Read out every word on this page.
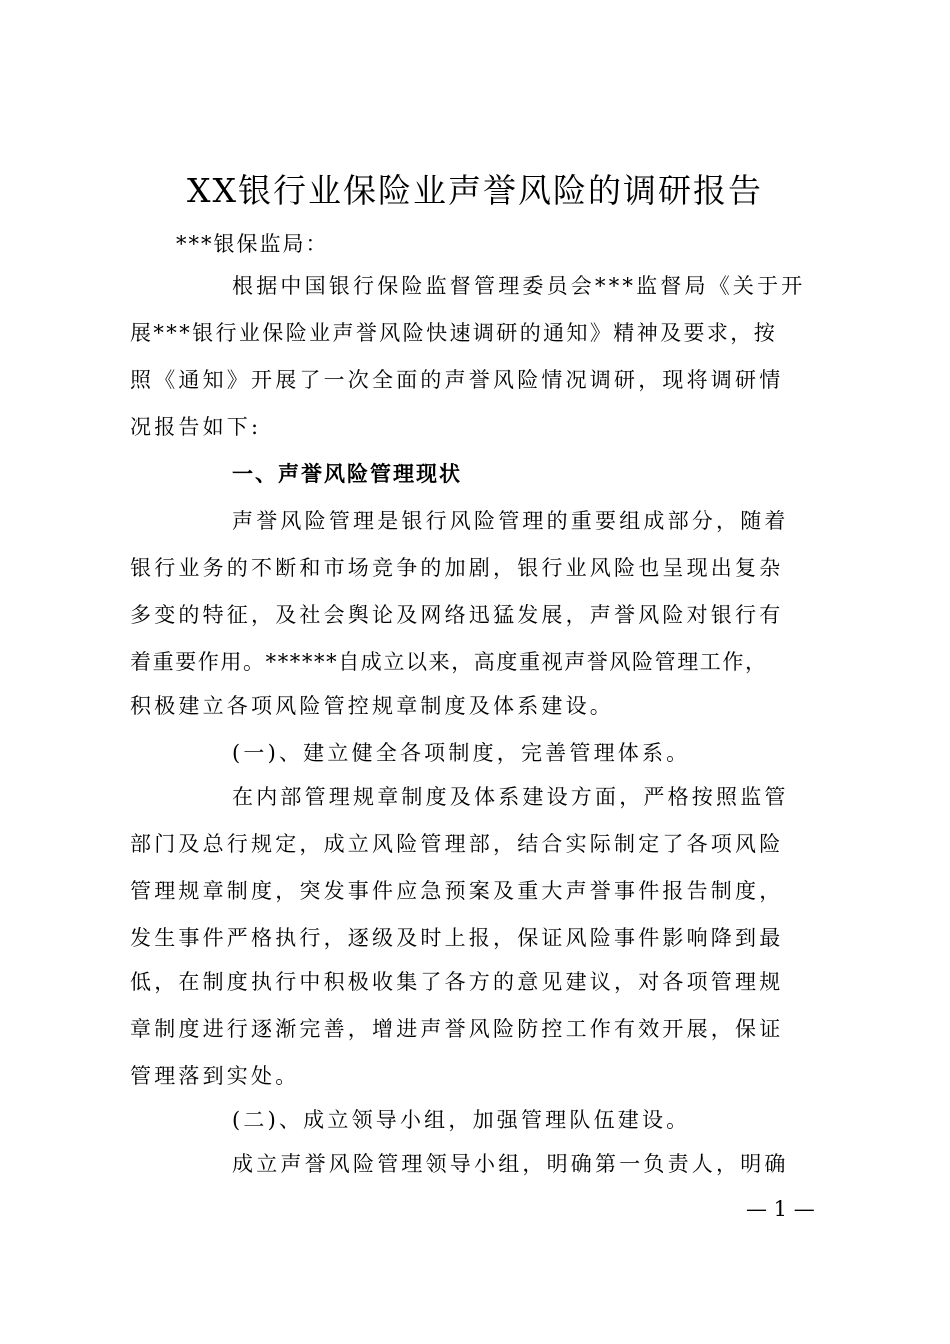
XX银行业保险业声誉风险的调研报告
***银保监局：
根据中国银行保险监督管理委员会***监督局《关于开
展***银行业保险业声誉风险快速调研的通知》精神及要求，按
照《通知》开展了一次全面的声誉风险情况调研，现将调研情
况报告如下:
一、声誉风险管理现状
声誉风险管理是银行风险管理的重要组成部分，随着
银行业务的不断和市场竞争的加剧，银行业风险也呈现出复杂
多变的特征，及社会舆论及网络迅猛发展，声誉风险对银行有
着重要作用。******自成立以来，高度重视声誉风险管理工作，
积极建立各项风险管控规章制度及体系建设。
(一)、建立健全各项制度，完善管理体系。
在内部管理规章制度及体系建设方面，严格按照监管
部门及总行规定，成立风险管理部，结合实际制定了各项风险
管理规章制度，突发事件应急预案及重大声誉事件报告制度，
发生事件严格执行，逐级及时上报，保证风险事件影响降到最
低，在制度执行中积极收集了各方的意见建议，对各项管理规
章制度进行逐渐完善，增进声誉风险防控工作有效开展，保证
管理落到实处。
(二)、成立领导小组，加强管理队伍建设。
成立声誉风险管理领导小组，明确第一负责人，明确
— 1 —
